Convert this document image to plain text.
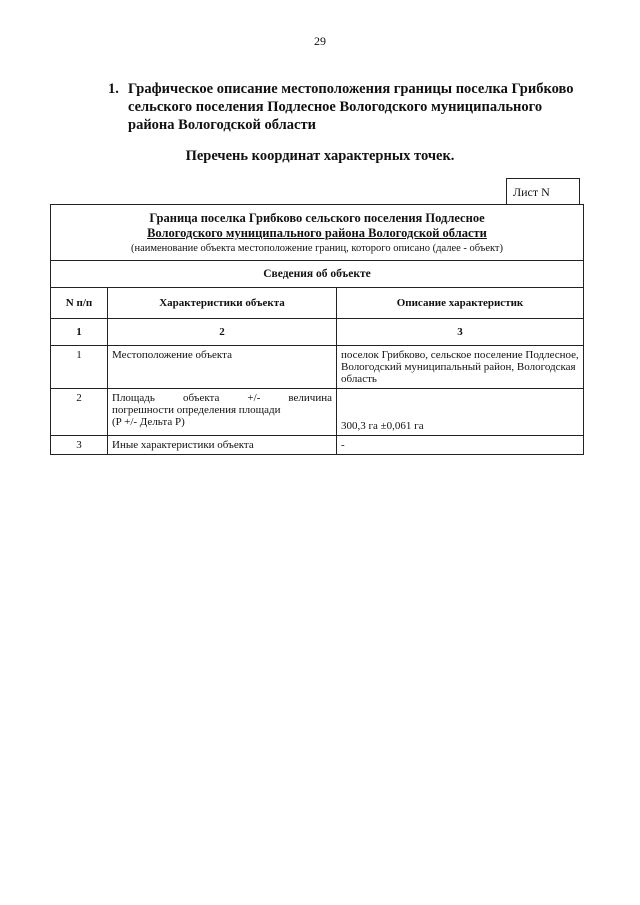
29
1. Графическое описание местоположения границы поселка Грибково
сельского поселения Подлесное Вологодского муниципального
района Вологодской области
Перечень координат характерных точек.
Лист N
Граница поселка Грибково сельского поселения Подлесное
Вологодского муниципального района Вологодской области
(наименование объекта местоположение границ, которого описано (далее - объект)		

Сведения об объекте		
N п/п	Характеристики объекта	Описание характеристик
1	2	3
1	Местоположение объекта	поселок Грибково, сельское поселение Подлесное, Вологодский муниципальный район, Вологодская область
2	Площадь объекта +/- величина
погрешности определения площади
(P +/- Дельта P)	300,3 га ±0,061 га
3	Иные характеристики объекта	-
